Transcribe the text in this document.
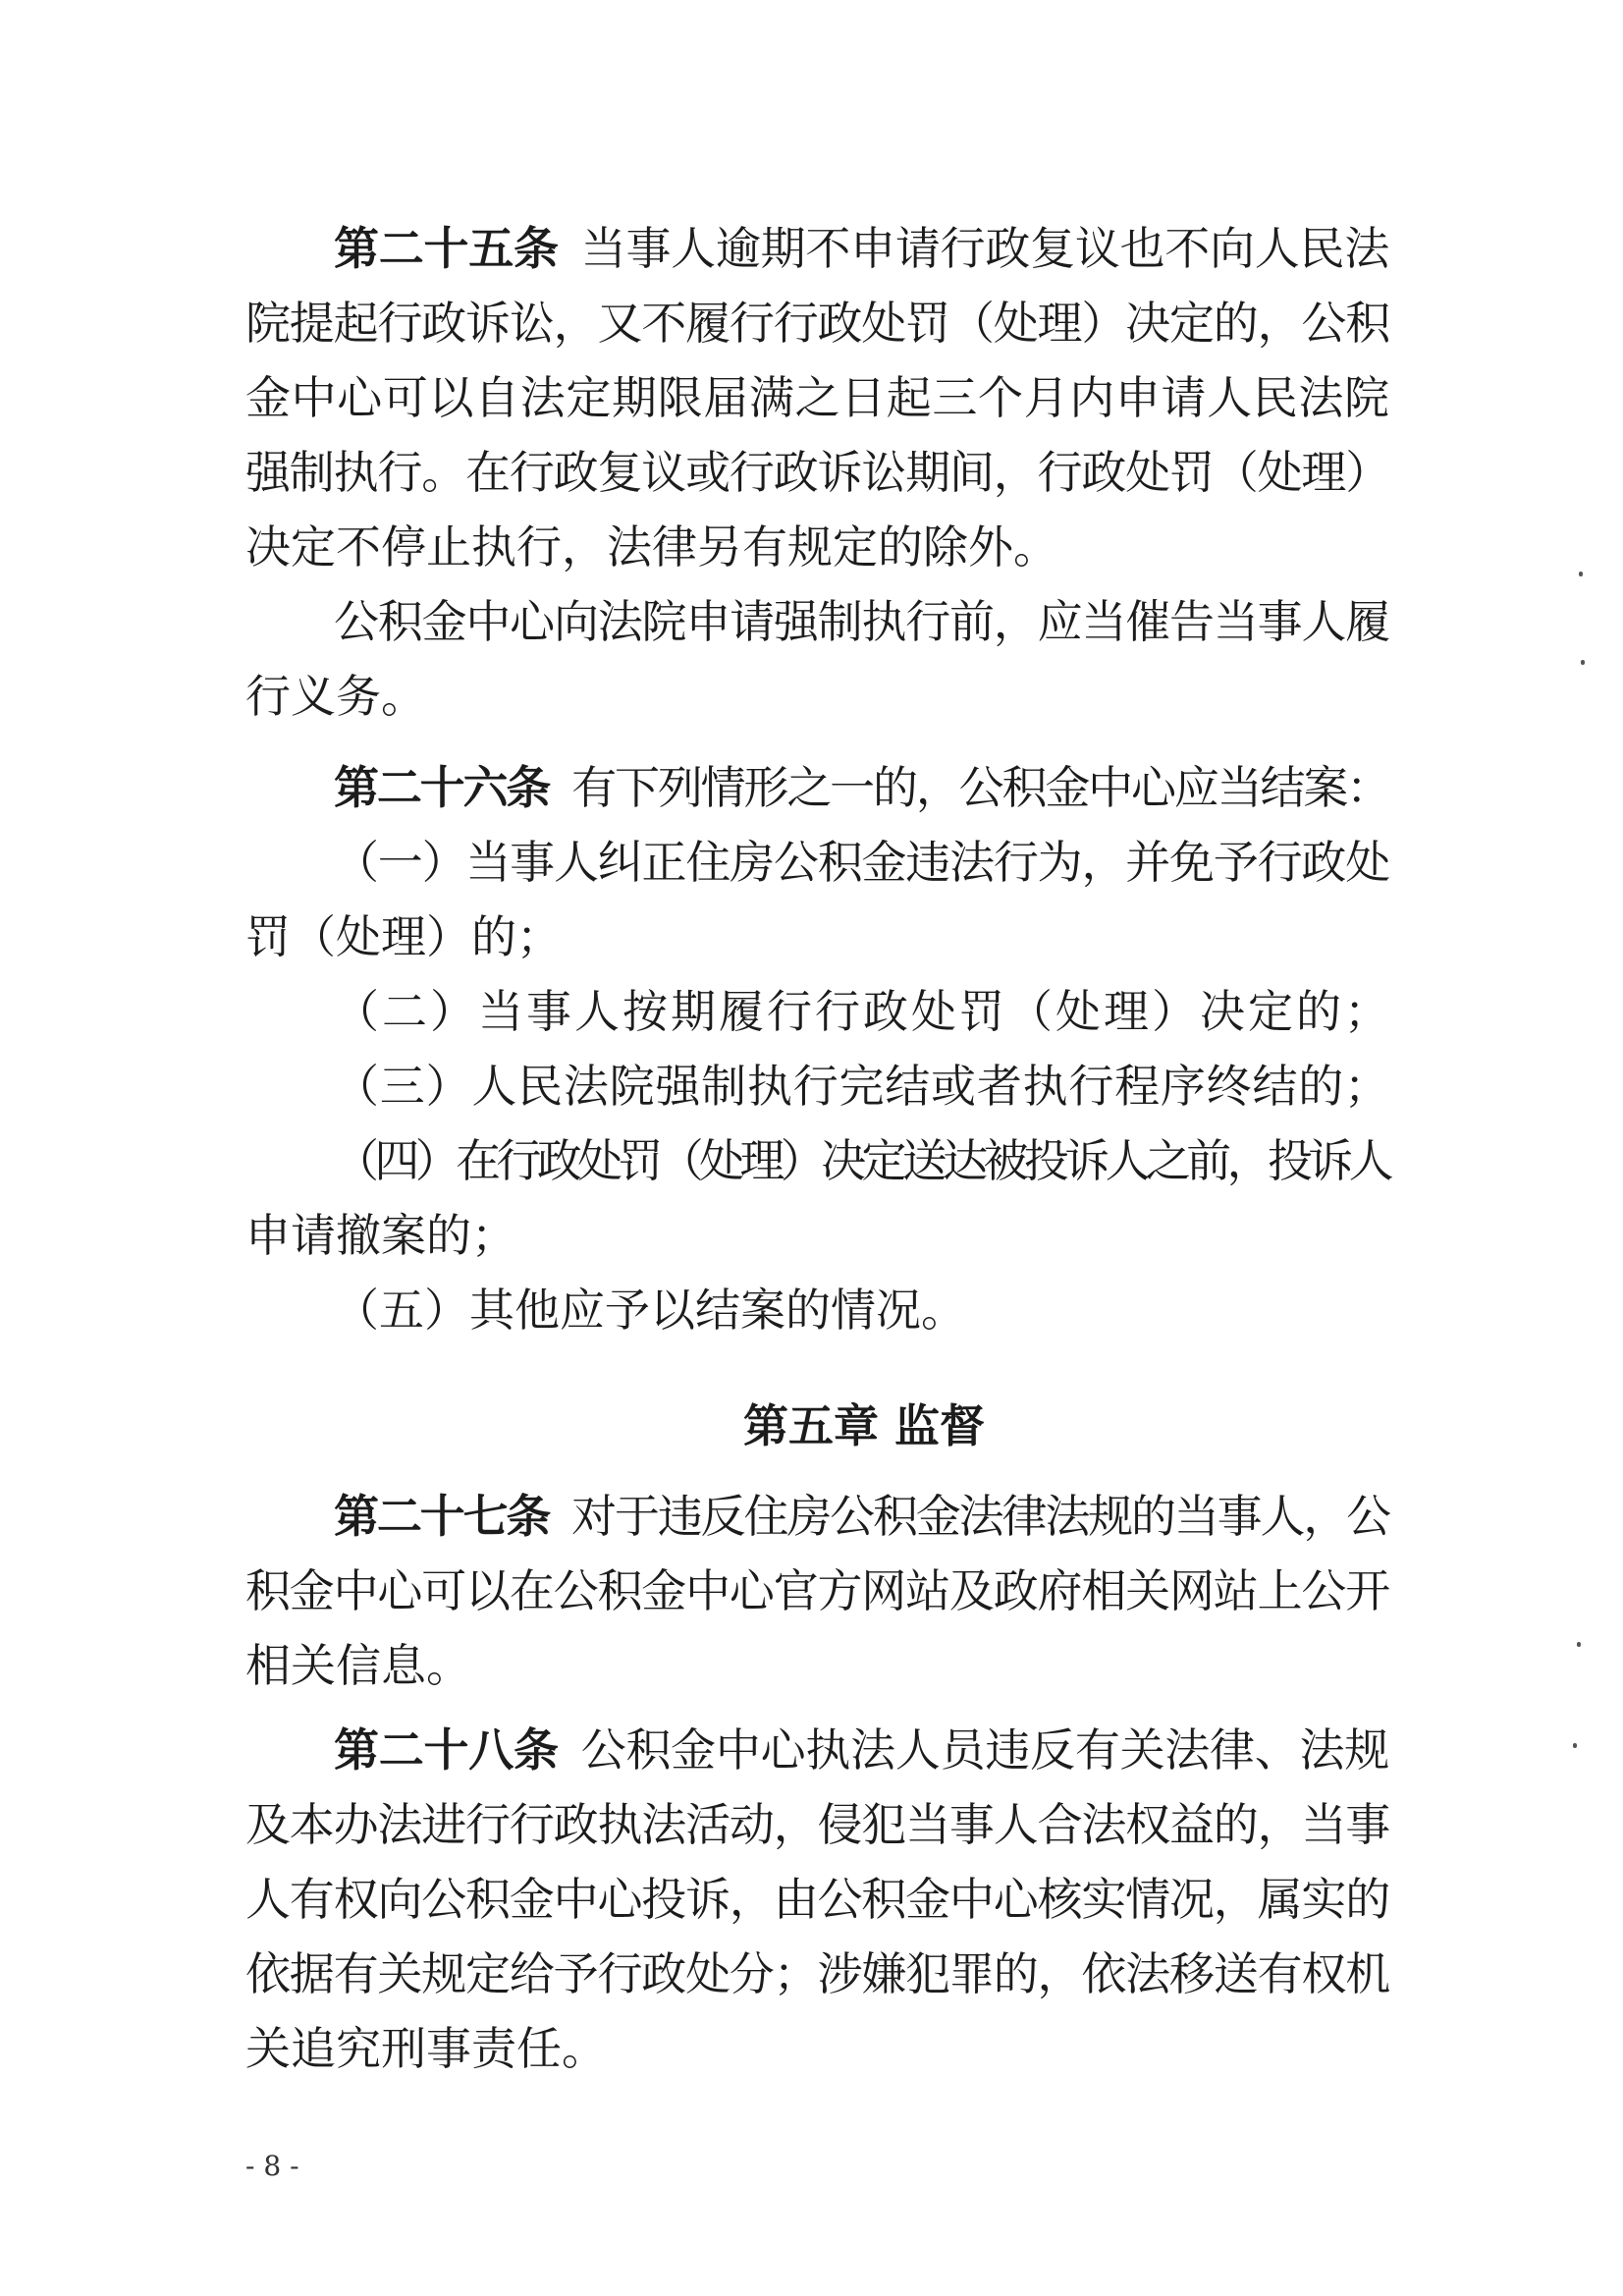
第二十五条 当事人逾期不申请行政复议也不向人民法
院提起行政诉讼，又不履行行政处罚（处理）决定的，公积
金中心可以自法定期限届满之日起三个月内申请人民法院
强制执行。在行政复议或行政诉讼期间，行政处罚（处理）
决定不停止执行，法律另有规定的除外。
公积金中心向法院申请强制执行前，应当催告当事人履
行义务。
第二十六条 有下列情形之一的，公积金中心应当结案：
（一）当事人纠正住房公积金违法行为，并免予行政处
罚（处理）的；
（二）当事人按期履行行政处罚（处理）决定的；
（三）人民法院强制执行完结或者执行程序终结的；
（四）在行政处罚（处理）决定送达被投诉人之前，投诉人
申请撤案的；
（五）其他应予以结案的情况。
第五章 监督
第二十七条 对于违反住房公积金法律法规的当事人，公
积金中心可以在公积金中心官方网站及政府相关网站上公开
相关信息。
第二十八条 公积金中心执法人员违反有关法律、法规
及本办法进行行政执法活动，侵犯当事人合法权益的，当事
人有权向公积金中心投诉，由公积金中心核实情况，属实的
依据有关规定给予行政处分；涉嫌犯罪的，依法移送有权机
关追究刑事责任。
- 8 -
